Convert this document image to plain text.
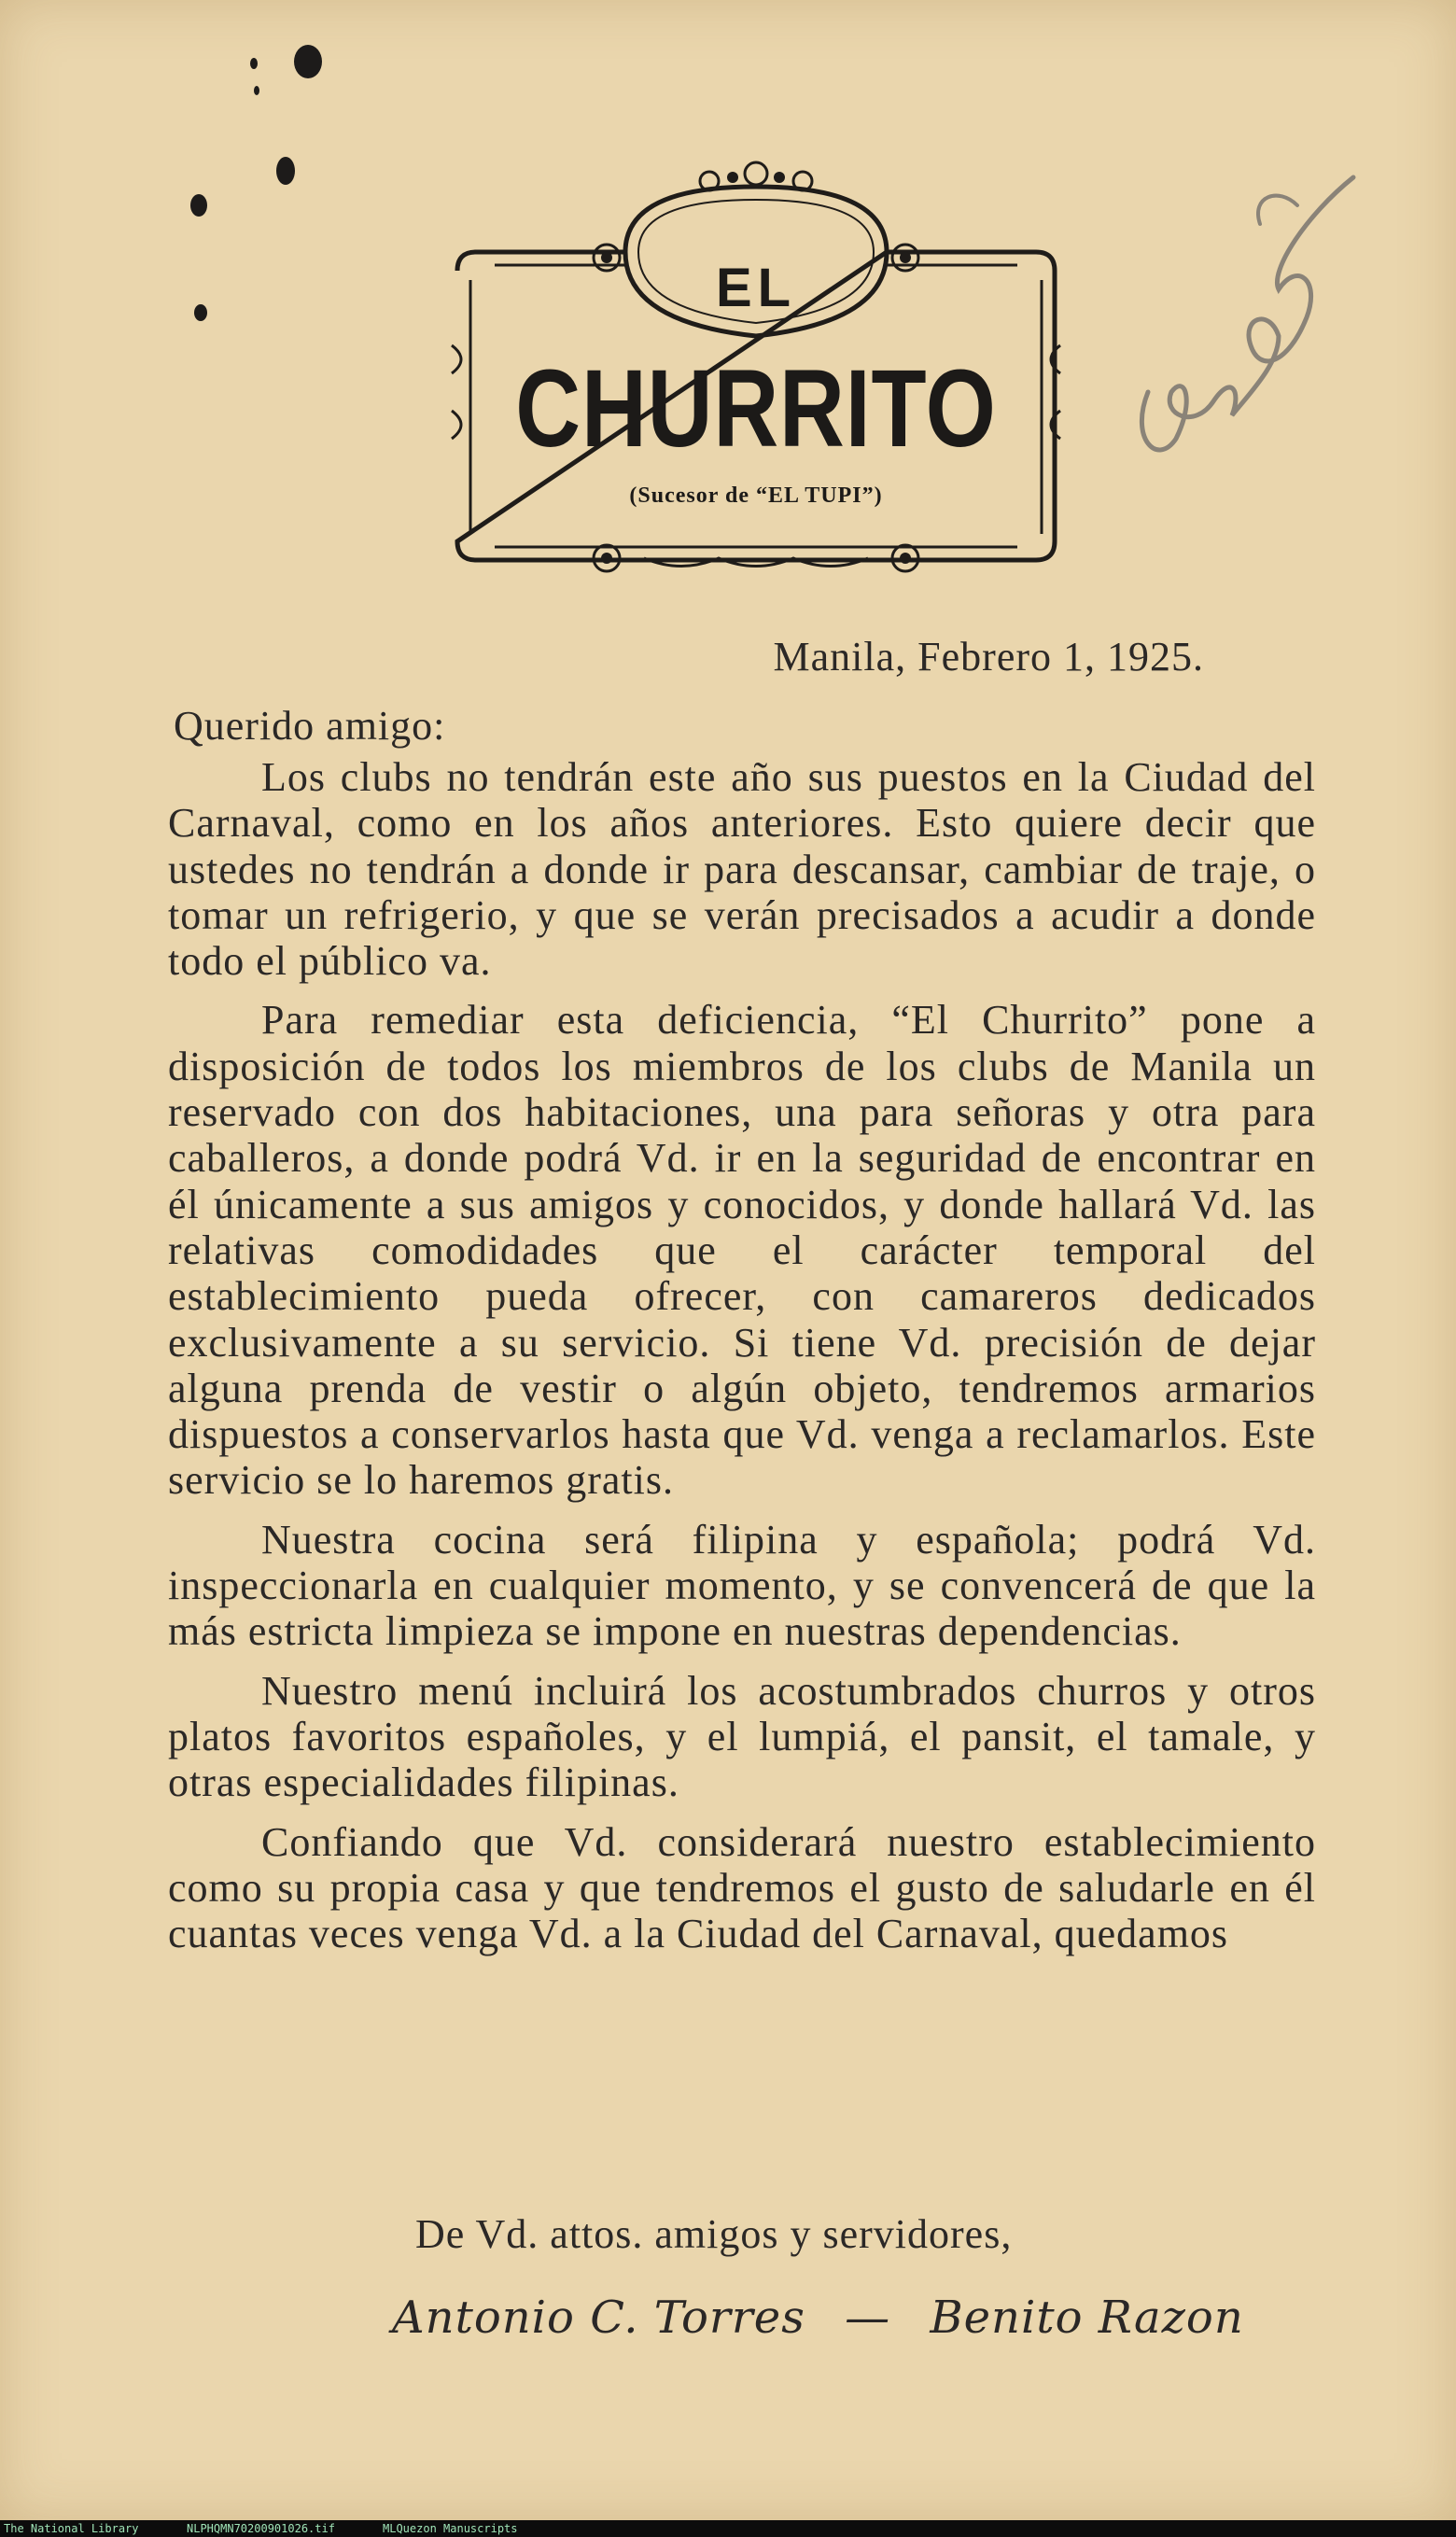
EL
CHURRITO
(Sucesor de “EL TUPI”)
Manila, Febrero 1, 1925.
Querido amigo:

Los clubs no tendrán este año sus puestos en la Ciudad del Carnaval, como en los años anteriores. Esto quiere decir que ustedes no tendrán a donde ir para descansar, cambiar de traje, o tomar un refrigerio, y que se verán precisados a acudir a donde todo el público va.

Para remediar esta deficiencia, “El Churrito” pone a disposición de todos los miembros de los clubs de Manila un reservado con dos habitaciones, una para señoras y otra para caballeros, a donde podrá Vd. ir en la seguridad de encontrar en él únicamente a sus amigos y conocidos, y donde hallará Vd. las relativas comodidades que el carácter temporal del establecimiento pueda ofrecer, con camareros dedicados exclusivamente a su servicio. Si tiene Vd. precisión de dejar alguna prenda de vestir o algún objeto, tendremos armarios dispuestos a conservarlos hasta que Vd. venga a reclamarlos. Este servicio se lo haremos gratis.

Nuestra cocina será filipina y española; podrá Vd. inspeccionarla en cualquier momento, y se convencerá de que la más estricta limpieza se impone en nuestras dependencias.

Nuestro menú incluirá los acostumbrados churros y otros platos favoritos españoles, y el lumpiá, el pansit, el tamale, y otras especialidades filipinas.

Confiando que Vd. considerará nuestro establecimiento como su propia casa y que tendremos el gusto de saludarle en él cuantas veces venga Vd. a la Ciudad del Carnaval, quedamos

De Vd. attos. amigos y servidores,
Antonio C. Torres — Benito Razon
The National Library	NLPHQMN70200901026.tif	MLQuezon Manuscripts
